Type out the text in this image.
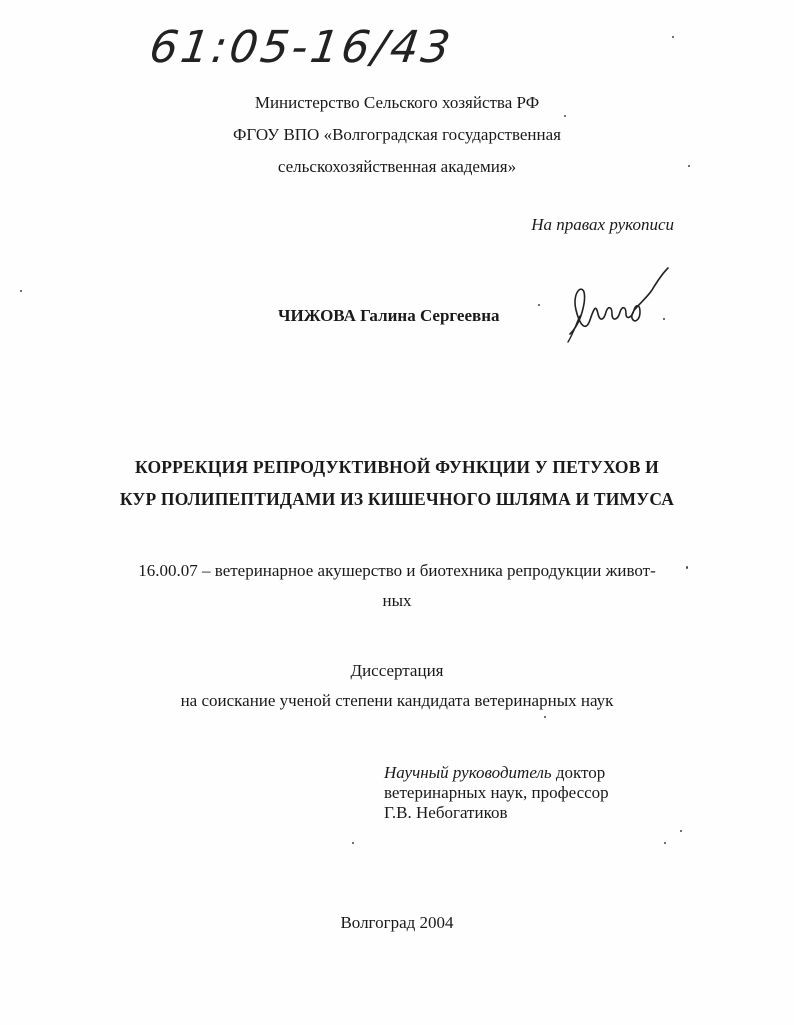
61:05-16/43
Министерство Сельского хозяйства РФ
ФГОУ ВПО «Волгоградская государственная
сельскохозяйственная академия»
На правах рукописи
ЧИЖОВА Галина Сергеевна
КОРРЕКЦИЯ РЕПРОДУКТИВНОЙ ФУНКЦИИ У ПЕТУХОВ И
КУР ПОЛИПЕПТИДАМИ ИЗ КИШЕЧНОГО ШЛЯМА И ТИМУСА
16.00.07 – ветеринарное акушерство и биотехника репродукции живот-
ных
Диссертация
на соискание ученой степени кандидата ветеринарных наук
Научный руководитель доктор
ветеринарных наук, профессор
Г.В. Небогатиков
Волгоград 2004
